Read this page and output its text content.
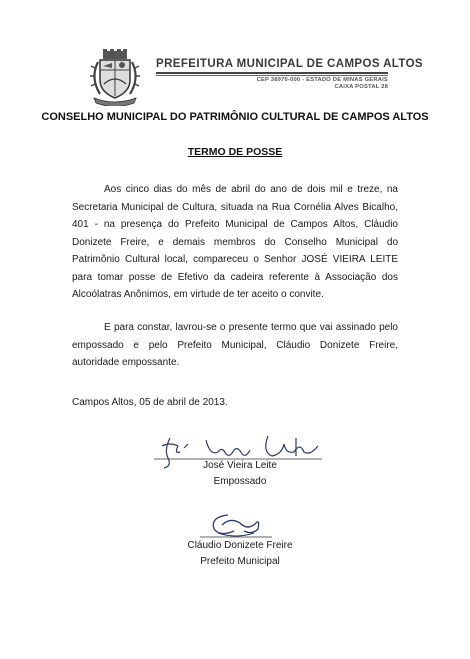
PREFEITURA MUNICIPAL DE CAMPOS ALTOS
CEP 38970-000 - ESTADO DE MINAS GERAIS
CAIXA POSTAL 28
CONSELHO MUNICIPAL DO PATRIMÔNIO CULTURAL DE CAMPOS ALTOS
TERMO DE POSSE

Aos cinco dias do mês de abril do ano de dois mil e treze, na Secretaria Municipal de Cultura, situada na Rua Cornélia Alves Bicalho, 401 - na presença do Prefeito Municipal de Campos Altos, Cláudio Donizete Freire, e demais membros do Conselho Municipal do Patrimônio Cultural local, compareceu o Senhor JOSÉ VIEIRA LEITE para tomar posse de Efetivo da cadeira referente à Associação dos Alcoólatras Anônimos, em virtude de ter aceito o convite.

E para constar, lavrou-se o presente termo que vai assinado pelo empossado e pelo Prefeito Municipal, Cláudio Donizete Freire, autoridade empossante.

Campos Altos, 05 de abril de 2013.
José Vieira Leite
Empossado
Cláudio Donizete Freire
Prefeito Municipal
